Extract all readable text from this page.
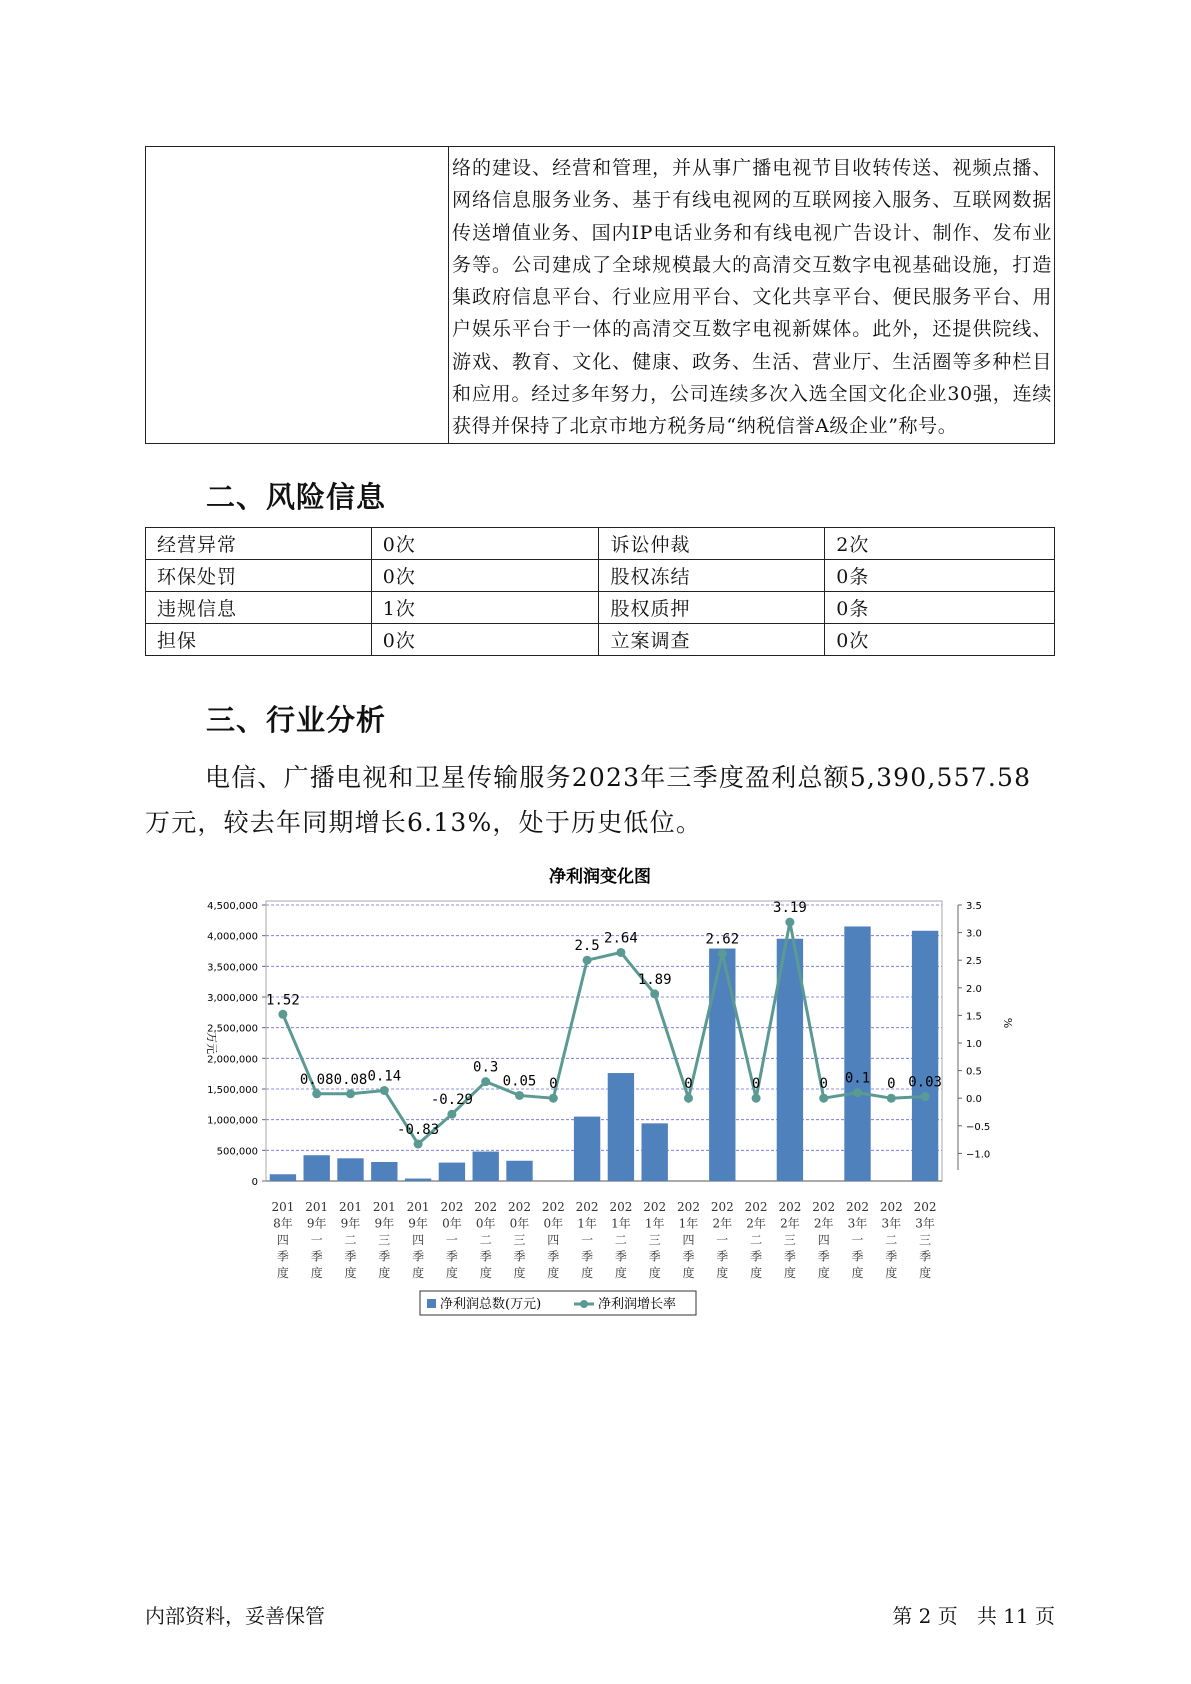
络的建设、经营和管理，并从事广播电视节目收转传送、视频点播、网络信息服务业务、基于有线电视网的互联网接入服务、互联网数据传送增值业务、国内IP电话业务和有线电视广告设计、制作、发布业务等。公司建成了全球规模最大的高清交互数字电视基础设施，打造集政府信息平台、行业应用平台、文化共享平台、便民服务平台、用户娱乐平台于一体的高清交互数字电视新媒体。此外，还提供院线、游戏、教育、文化、健康、政务、生活、营业厅、生活圈等多种栏目和应用。经过多年努力，公司连续多次入选全国文化企业30强，连续获得并保持了北京市地方税务局“纳税信誉A级企业”称号。
二、风险信息
经营异常	0次	诉讼仲裁	2次
环保处罚	0次	股权冻结	0条
违规信息	1次	股权质押	0条
担保	0次	立案调查	0次
三、行业分析

电信、广播电视和卫星传输服务2023年三季度盈利总额5,390,557.58万元，较去年同期增长6.13%，处于历史低位。

净利润变化图
0
500,000
1,000,000
1,500,000
2,000,000
2,500,000
3,000,000
3,500,000
4,000,000
4,500,000
−1.0
−0.5
0.0
0.5
1.0
1.5
2.0
2.5
3.0
3.5
万元
%
1.52
0.08 0.08 0.14
-0.83
-0.29
0.3
0.05 0
2.5 2.64
1.89
0
2.62
0
3.19
0 0.1 0 0.03
201 8年四季度
201 9年一季度
201 9年二季度
201 9年三季度
201 9年四季度
202 0年一季度
202 0年二季度
202 0年三季度
202 0年四季度
202 1年一季度
202 1年二季度
202 1年三季度
202 1年四季度
202 2年一季度
202 2年二季度
202 2年三季度
202 2年四季度
202 3年一季度
202 3年二季度
202 3年三季度
净利润总数(万元)	净利润增长率
内部资料，妥善保管	第 2 页   共 11 页
